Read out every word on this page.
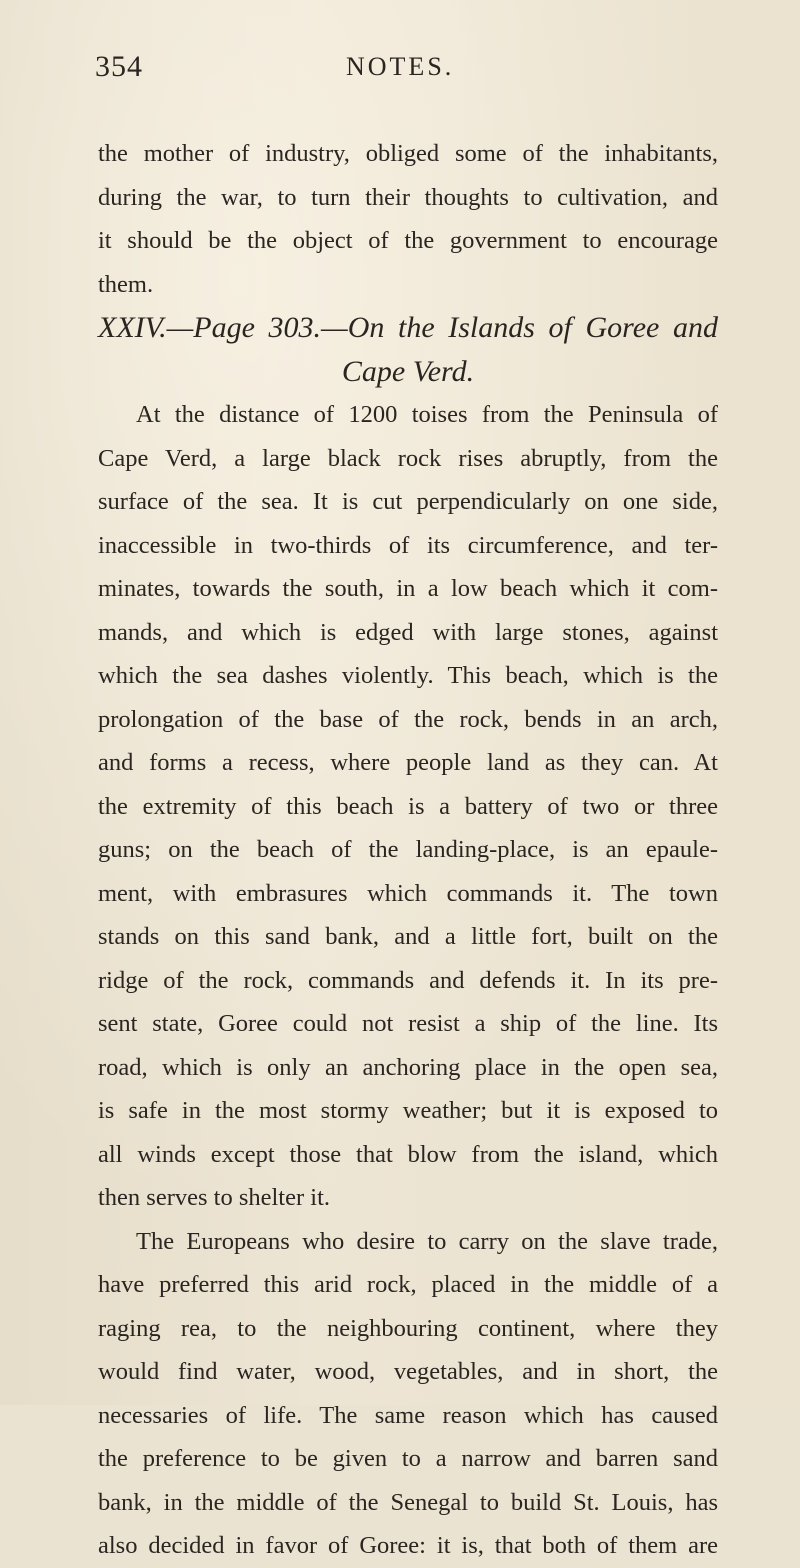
354	NOTES.
the mother of industry, obliged some of the inhabitants,
during the war, to turn their thoughts to cultivation, and
it should be the object of the government to encourage
them.
XXIV.—Page 303.—On the Islands of Goree and
Cape Verd.
At the distance of 1200 toises from the Peninsula of
Cape Verd, a large black rock rises abruptly, from the
surface of the sea. It is cut perpendicularly on one side,
inaccessible in two-thirds of its circumference, and ter-
minates, towards the south, in a low beach which it com-
mands, and which is edged with large stones, against
which the sea dashes violently. This beach, which is the
prolongation of the base of the rock, bends in an arch,
and forms a recess, where people land as they can. At
the extremity of this beach is a battery of two or three
guns; on the beach of the landing-place, is an epaule-
ment, with embrasures which commands it. The town
stands on this sand bank, and a little fort, built on the
ridge of the rock, commands and defends it. In its pre-
sent state, Goree could not resist a ship of the line. Its
road, which is only an anchoring place in the open sea,
is safe in the most stormy weather; but it is exposed to
all winds except those that blow from the island, which
then serves to shelter it.
The Europeans who desire to carry on the slave trade,
have preferred this arid rock, placed in the middle of a
raging rea, to the neighbouring continent, where they
would find water, wood, vegetables, and in short, the
necessaries of life. The same reason which has caused
the preference to be given to a narrow and barren sand
bank, in the middle of the Senegal to build St. Louis, has
also decided in favor of Goree: it is, that both of them are
